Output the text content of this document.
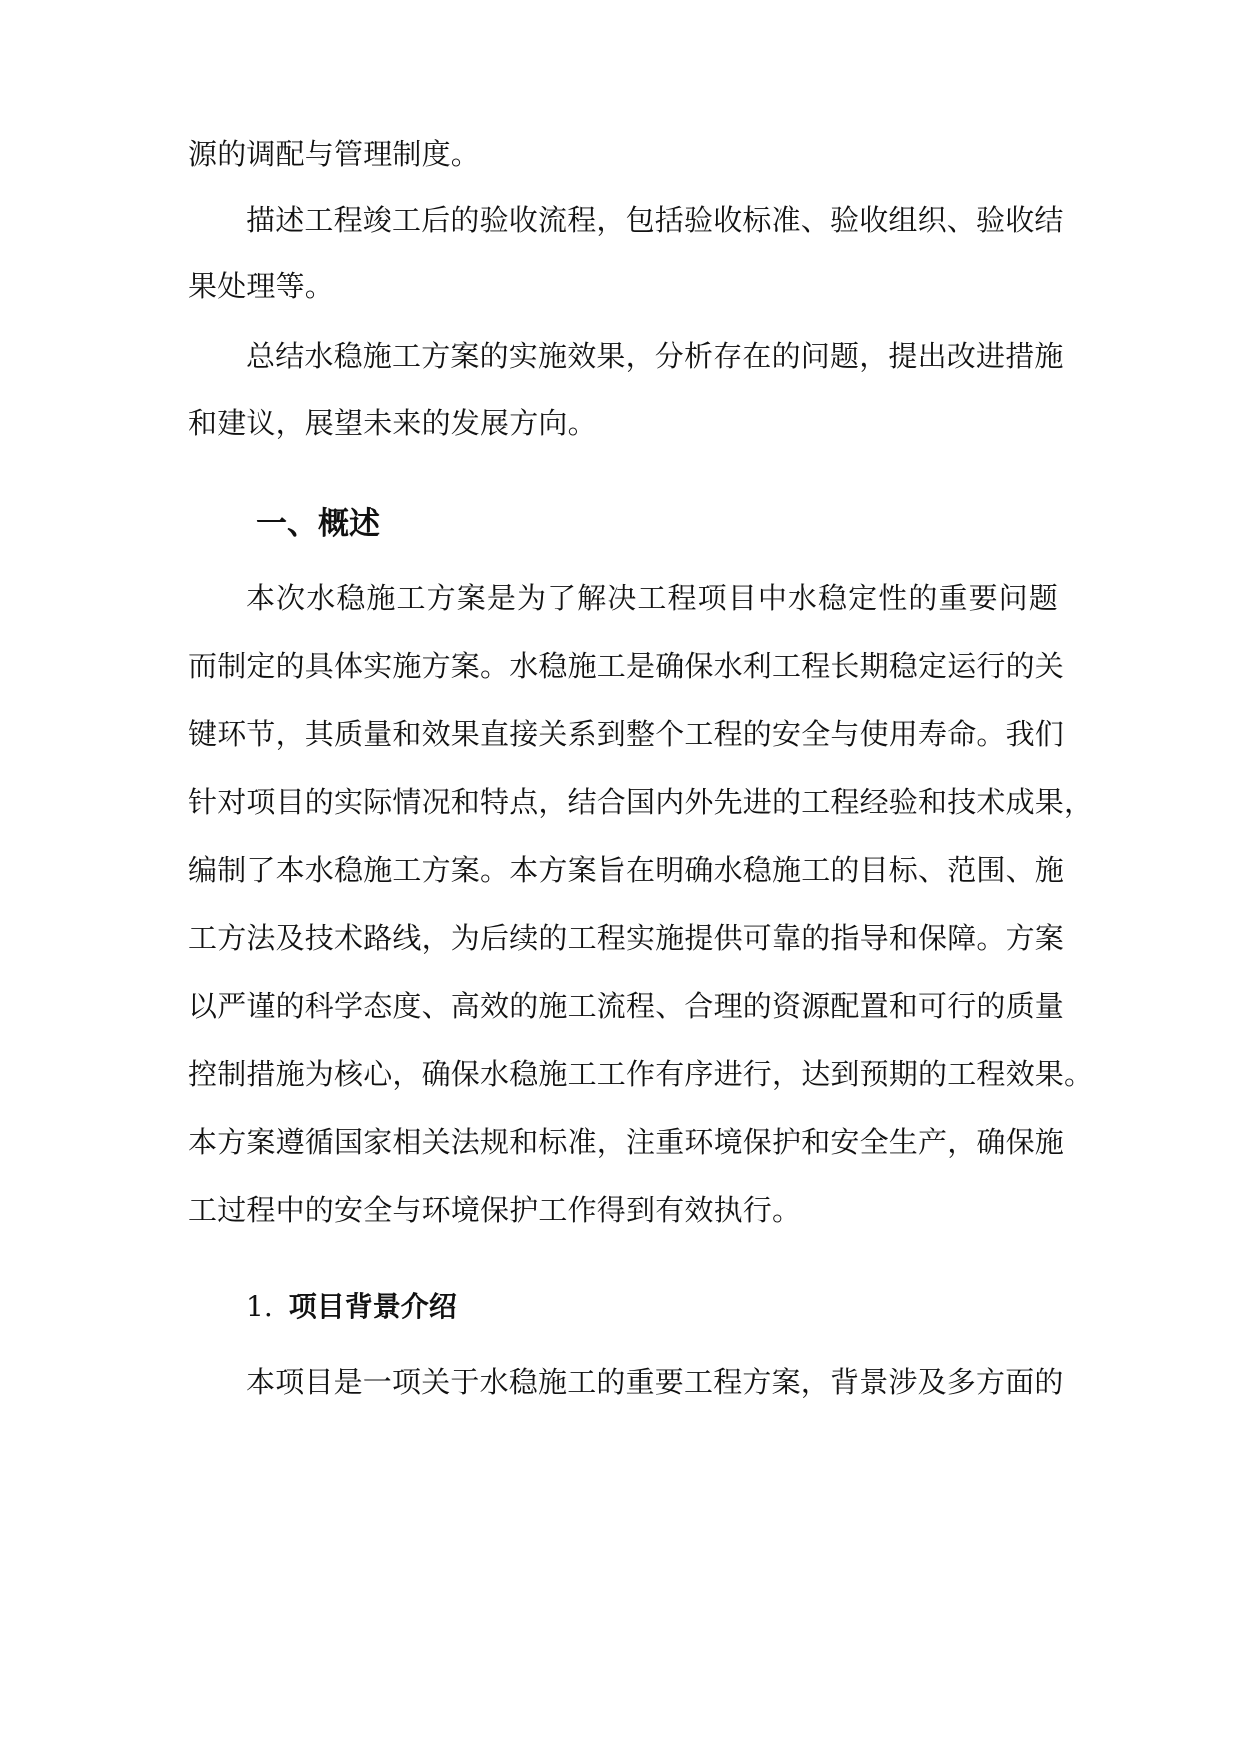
源的调配与管理制度。
描述工程竣工后的验收流程，包括验收标准、验收组织、验收结
果处理等。
总结水稳施工方案的实施效果，分析存在的问题，提出改进措施
和建议，展望未来的发展方向。
一、概述
本次水稳施工方案是为了解决工程项目中水稳定性的重要问题
而制定的具体实施方案。水稳施工是确保水利工程长期稳定运行的关
键环节，其质量和效果直接关系到整个工程的安全与使用寿命。我们
针对项目的实际情况和特点，结合国内外先进的工程经验和技术成果，
编制了本水稳施工方案。本方案旨在明确水稳施工的目标、范围、施
工方法及技术路线，为后续的工程实施提供可靠的指导和保障。方案
以严谨的科学态度、高效的施工流程、合理的资源配置和可行的质量
控制措施为核心，确保水稳施工工作有序进行，达到预期的工程效果。
本方案遵循国家相关法规和标准，注重环境保护和安全生产，确保施
工过程中的安全与环境保护工作得到有效执行。
1. 项目背景介绍
本项目是一项关于水稳施工的重要工程方案，背景涉及多方面的
